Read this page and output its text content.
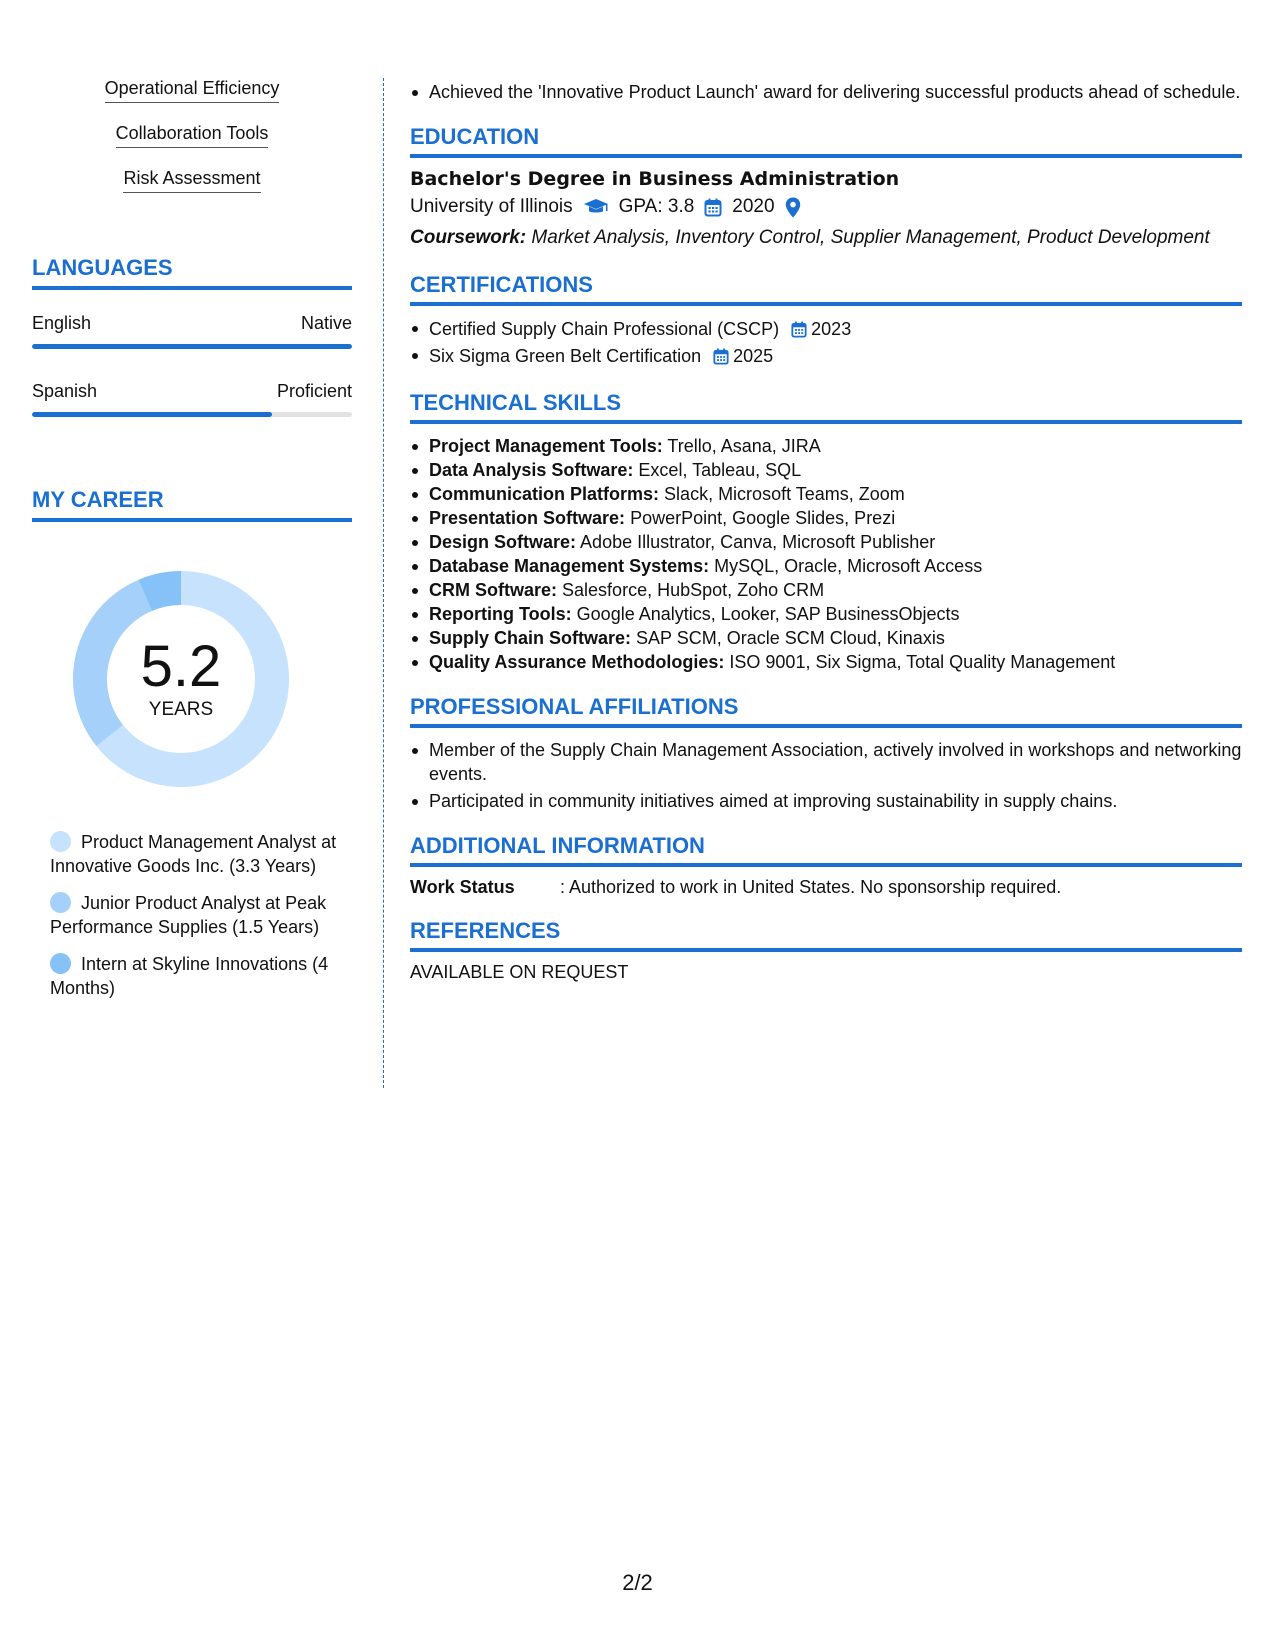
Operational Efficiency
Collaboration Tools
Risk Assessment
LANGUAGES
English	Native
Spanish	Proficient
MY CAREER
5.2
YEARS
Product Management Analyst at Innovative Goods Inc. (3.3 Years)
Junior Product Analyst at Peak Performance Supplies (1.5 Years)
Intern at Skyline Innovations (4 Months)
Achieved the 'Innovative Product Launch' award for delivering successful products ahead of schedule.
EDUCATION
Bachelor's Degree in Business Administration
University of Illinois GPA: 3.8 2020
Coursework: Market Analysis, Inventory Control, Supplier Management, Product Development
CERTIFICATIONS
Certified Supply Chain Professional (CSCP) 2023
Six Sigma Green Belt Certification 2025
TECHNICAL SKILLS
Project Management Tools: Trello, Asana, JIRA
Data Analysis Software: Excel, Tableau, SQL
Communication Platforms: Slack, Microsoft Teams, Zoom
Presentation Software: PowerPoint, Google Slides, Prezi
Design Software: Adobe Illustrator, Canva, Microsoft Publisher
Database Management Systems: MySQL, Oracle, Microsoft Access
CRM Software: Salesforce, HubSpot, Zoho CRM
Reporting Tools: Google Analytics, Looker, SAP BusinessObjects
Supply Chain Software: SAP SCM, Oracle SCM Cloud, Kinaxis
Quality Assurance Methodologies: ISO 9001, Six Sigma, Total Quality Management
PROFESSIONAL AFFILIATIONS
Member of the Supply Chain Management Association, actively involved in workshops and networking events.
Participated in community initiatives aimed at improving sustainability in supply chains.
ADDITIONAL INFORMATION
Work Status	: Authorized to work in United States. No sponsorship required.
REFERENCES
AVAILABLE ON REQUEST
2/2
